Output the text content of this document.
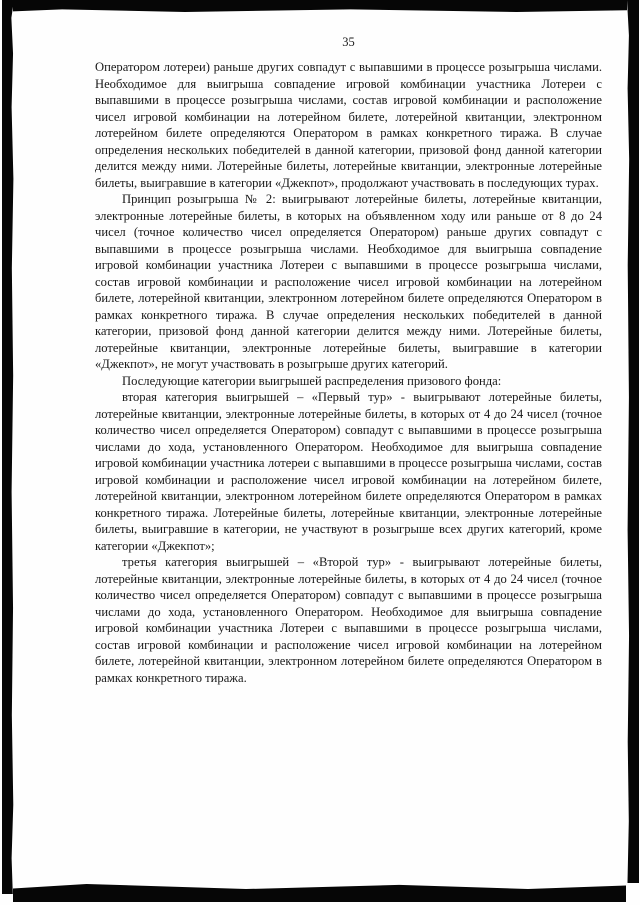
35

Оператором лотереи) раньше других совпадут с выпавшими в процессе розыгрыша числами. Необходимое для выигрыша совпадение игровой комбинации участника Лотереи с выпавшими в процессе розыгрыша числами, состав игровой комбинации и расположение чисел игровой комбинации на лотерейном билете, лотерейной квитанции, электронном лотерейном билете определяются Оператором в рамках конкретного тиража. В случае определения нескольких победителей в данной категории, призовой фонд данной категории делится между ними. Лотерейные билеты, лотерейные квитанции, электронные лотерейные билеты, выигравшие в категории «Джекпот», продолжают участвовать в последующих турах.

Принцип розыгрыша № 2: выигрывают лотерейные билеты, лотерейные квитанции, электронные лотерейные билеты, в которых на объявленном ходу или раньше от 8 до 24 чисел (точное количество чисел определяется Оператором) раньше других совпадут с выпавшими в процессе розыгрыша числами. Необходимое для выигрыша совпадение игровой комбинации участника Лотереи с выпавшими в процессе розыгрыша числами, состав игровой комбинации и расположение чисел игровой комбинации на лотерейном билете, лотерейной квитанции, электронном лотерейном билете определяются Оператором в рамках конкретного тиража. В случае определения нескольких победителей в данной категории, призовой фонд данной категории делится между ними. Лотерейные билеты, лотерейные квитанции, электронные лотерейные билеты, выигравшие в категории «Джекпот», не могут участвовать в розыгрыше других категорий.

Последующие категории выигрышей распределения призового фонда:

вторая категория выигрышей – «Первый тур» - выигрывают лотерейные билеты, лотерейные квитанции, электронные лотерейные билеты, в которых от 4 до 24 чисел (точное количество чисел определяется Оператором) совпадут с выпавшими в процессе розыгрыша числами до хода, установленного Оператором. Необходимое для выигрыша совпадение игровой комбинации участника лотереи с выпавшими в процессе розыгрыша числами, состав игровой комбинации и расположение чисел игровой комбинации на лотерейном билете, лотерейной квитанции, электронном лотерейном билете определяются Оператором в рамках конкретного тиража. Лотерейные билеты, лотерейные квитанции, электронные лотерейные билеты, выигравшие в категории, не участвуют в розыгрыше всех других категорий, кроме категории «Джекпот»;

третья категория выигрышей – «Второй тур» - выигрывают лотерейные билеты, лотерейные квитанции, электронные лотерейные билеты, в которых от 4 до 24 чисел (точное количество чисел определяется Оператором) совпадут с выпавшими в процессе розыгрыша числами до хода, установленного Оператором. Необходимое для выигрыша совпадение игровой комбинации участника Лотереи с выпавшими в процессе розыгрыша числами, состав игровой комбинации и расположение чисел игровой комбинации на лотерейном билете, лотерейной квитанции, электронном лотерейном билете определяются Оператором в рамках конкретного тиража.
